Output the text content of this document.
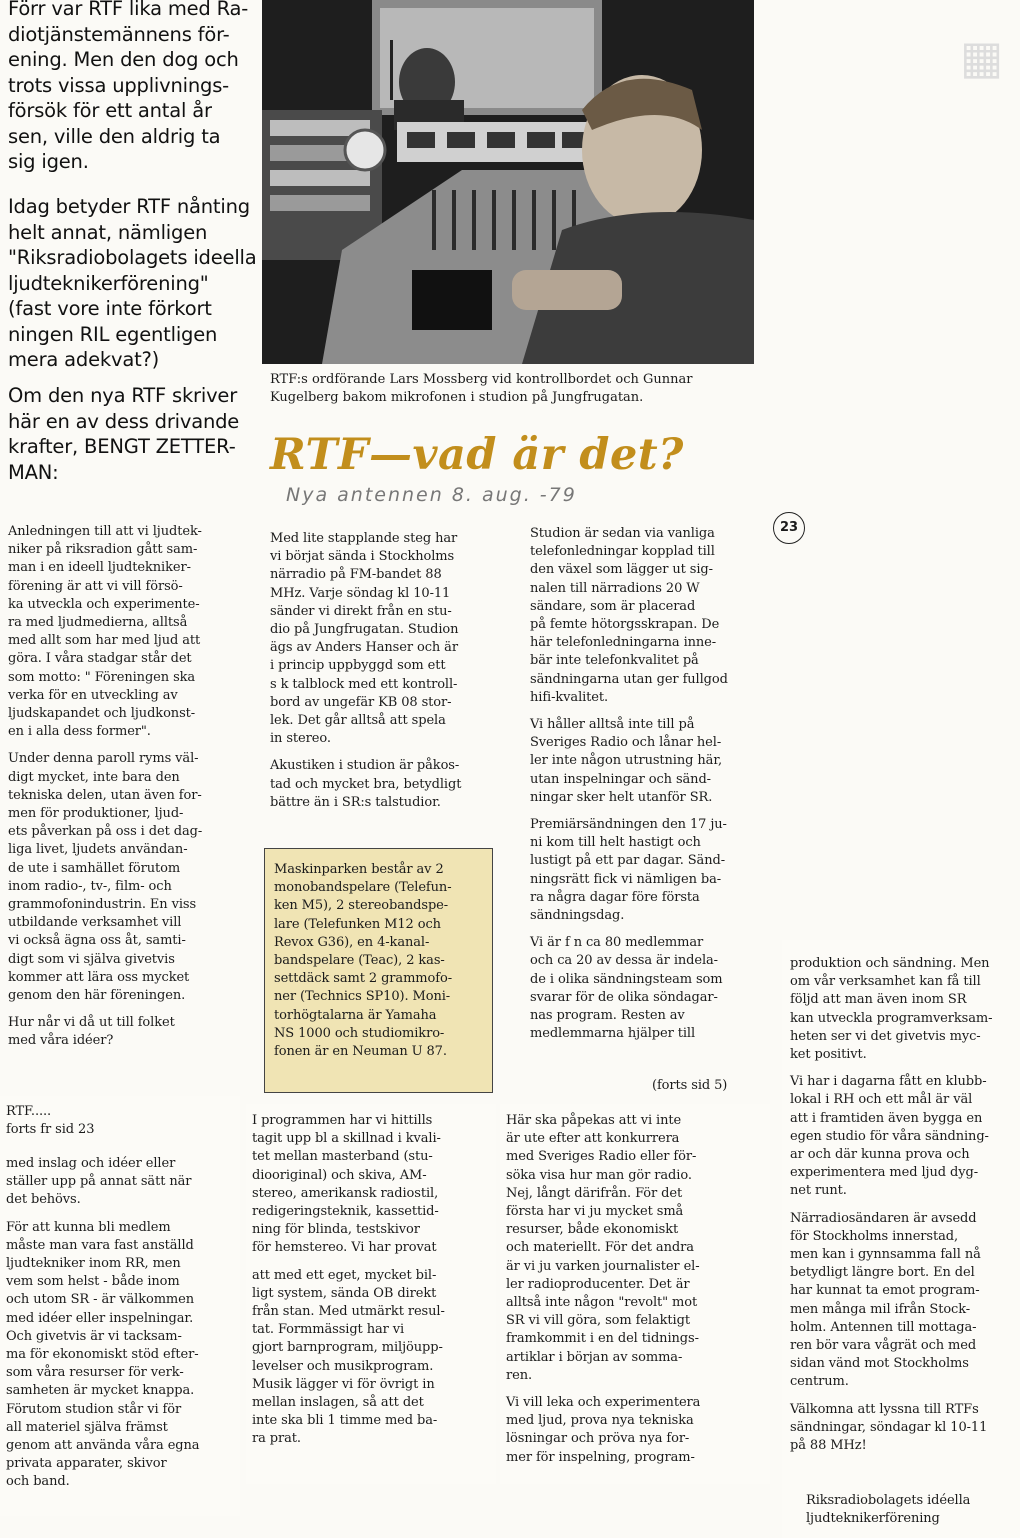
▦
Förr var RTF lika med Ra-
diotjänstemännens för-
ening. Men den dog och
trots vissa upplivnings-
försök för ett antal år
sen, ville den aldrig ta
sig igen.
Idag betyder RTF nånting
helt annat, nämligen
"Riksradiobolagets ideella
ljudteknikerförening"
(fast vore inte förkort
ningen RIL egentligen
mera adekvat?)
Om den nya RTF skriver
här en av dess drivande
krafter, BENGT ZETTER-
MAN:
RTF:s ordförande Lars Mossberg vid kontrollbordet och Gunnar
Kugelberg bakom mikrofonen i studion på Jungfrugatan.
RTF—vad är det?
Nya antennen 8. aug. -79
23

Anledningen till att vi ljudtek-
niker på riksradion gått sam-
man i en ideell ljudtekniker-
förening är att vi vill försö-
ka utveckla och experimente-
ra med ljudmedierna, alltså
med allt som har med ljud att
göra. I våra stadgar står det
som motto: " Föreningen ska
verka för en utveckling av
ljudskapandet och ljudkonst-
en i alla dess former".

Under denna paroll ryms väl-
digt mycket, inte bara den
tekniska delen, utan även for-
men för produktioner, ljud-
ets påverkan på oss i det dag-
liga livet, ljudets användan-
de ute i samhället förutom
inom radio-, tv-, film- och
grammofonindustrin. En viss
utbildande verksamhet vill
vi också ägna oss åt, samti-
digt som vi själva givetvis
kommer att lära oss mycket
genom den här föreningen.

Hur når vi då ut till folket
med våra idéer?

Med lite stapplande steg har
vi börjat sända i Stockholms
närradio på FM-bandet 88
MHz. Varje söndag kl 10-11
sänder vi direkt från en stu-
dio på Jungfrugatan. Studion
ägs av Anders Hanser och är
i princip uppbyggd som ett
s k talblock med ett kontroll-
bord av ungefär KB 08 stor-
lek. Det går alltså att spela
in stereo.

Akustiken i studion är påkos-
tad och mycket bra, betydligt
bättre än i SR:s talstudior.

Maskinparken består av 2
monobandspelare (Telefun-
ken M5), 2 stereobandspe-
lare (Telefunken M12 och
Revox G36), en 4-kanal-
bandspelare (Teac), 2 kas-
settdäck samt 2 grammofo-
ner (Technics SP10). Moni-
torhögtalarna är Yamaha
NS 1000 och studiomikro-
fonen är en Neuman U 87.

Studion är sedan via vanliga
telefonledningar kopplad till
den växel som lägger ut sig-
nalen till närradions 20 W
sändare, som är placerad
på femte hötorgsskrapan. De
här telefonledningarna inne-
bär inte telefonkvalitet på
sändningarna utan ger fullgod
hifi-kvalitet.

Vi håller alltså inte till på
Sveriges Radio och lånar hel-
ler inte någon utrustning här,
utan inspelningar och sänd-
ningar sker helt utanför SR.

Premiärsändningen den 17 ju-
ni kom till helt hastigt och
lustigt på ett par dagar. Sänd-
ningsrätt fick vi nämligen ba-
ra några dagar före första
sändningsdag.

Vi är f n ca 80 medlemmar
och ca 20 av dessa är indela-
de i olika sändningsteam som
svarar för de olika söndagar-
nas program. Resten av
medlemmarna hjälper till

(forts sid 5)
RTF.....
forts fr sid 23

med inslag och idéer eller
ställer upp på annat sätt när
det behövs.

För att kunna bli medlem
måste man vara fast anställd
ljudtekniker inom RR, men
vem som helst - både inom
och utom SR - är välkommen
med idéer eller inspelningar.
Och givetvis är vi tacksam-
ma för ekonomiskt stöd efter-
som våra resurser för verk-
samheten är mycket knappa.
Förutom studion står vi för
all materiel själva främst
genom att använda våra egna
privata apparater, skivor
och band.

I programmen har vi hittills
tagit upp bl a skillnad i kvali-
tet mellan masterband (stu-
diooriginal) och skiva, AM-
stereo, amerikansk radiostil,
redigeringsteknik, kassettid-
ning för blinda, testskivor
för hemstereo. Vi har provat

att med ett eget, mycket bil-
ligt system, sända OB direkt
från stan. Med utmärkt resul-
tat. Formmässigt har vi
gjort barnprogram, miljöupp-
levelser och musikprogram.
Musik lägger vi för övrigt in
mellan inslagen, så att det
inte ska bli 1 timme med ba-
ra prat.

Här ska påpekas att vi inte
är ute efter att konkurrera
med Sveriges Radio eller för-
söka visa hur man gör radio.
Nej, långt därifrån. För det
första har vi ju mycket små
resurser, både ekonomiskt
och materiellt. För det andra
är vi ju varken journalister el-
ler radioproducenter. Det är
alltså inte någon "revolt" mot
SR vi vill göra, som felaktigt
framkommit i en del tidnings-
artiklar i början av somma-
ren.

Vi vill leka och experimentera
med ljud, prova nya tekniska
lösningar och pröva nya for-
mer för inspelning, program-

produktion och sändning. Men
om vår verksamhet kan få till
följd att man även inom SR
kan utveckla programverksam-
heten ser vi det givetvis myc-
ket positivt.

Vi har i dagarna fått en klubb-
lokal i RH och ett mål är väl
att i framtiden även bygga en
egen studio för våra sändning-
ar och där kunna prova och
experimentera med ljud dyg-
net runt.

Närradiosändaren är avsedd
för Stockholms innerstad,
men kan i gynnsamma fall nå
betydligt längre bort. En del
har kunnat ta emot program-
men många mil ifrån Stock-
holm. Antennen till mottaga-
ren bör vara vågrät och med
sidan vänd mot Stockholms
centrum.

Välkomna att lyssna till RTFs
sändningar, söndagar kl 10-11
på 88 MHz!

Riksradiobolagets idéella
ljudteknikerförening
